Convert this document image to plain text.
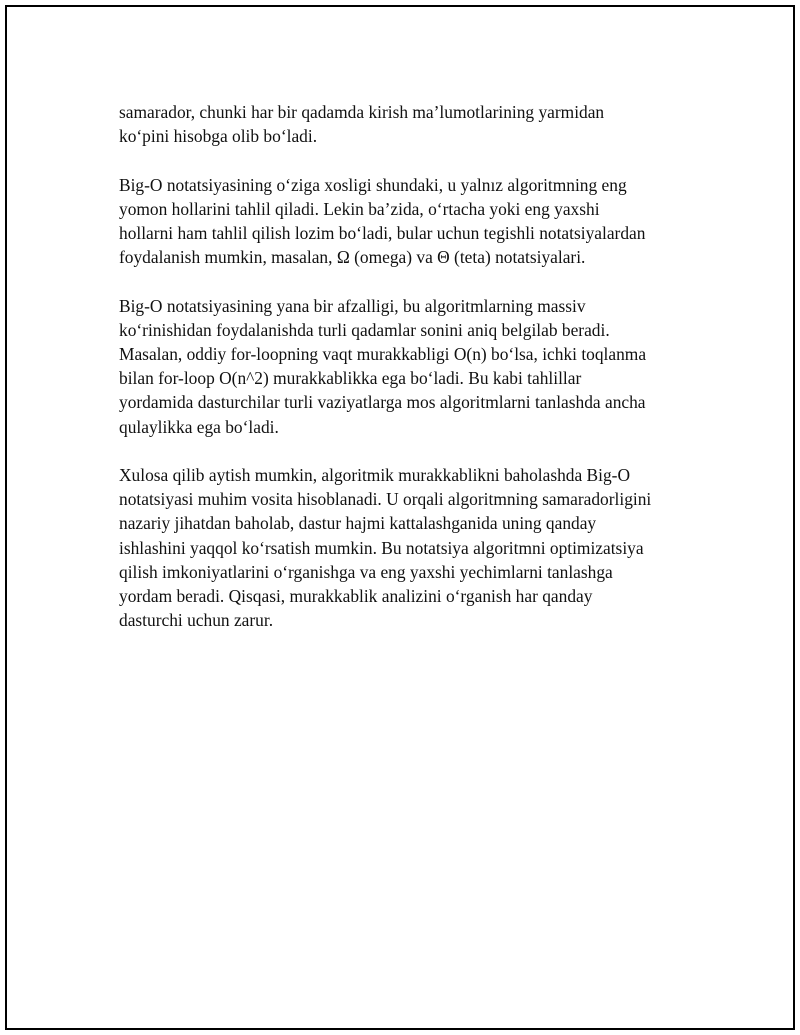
samarador, chunki har bir qadamda kirish ma’lumotlarining yarmidan
ko‘pini hisobga olib bo‘ladi.

Big-O notatsiyasining o‘ziga xosligi shundaki, u yalnız algoritmning eng
yomon hollarini tahlil qiladi. Lekin ba’zida, o‘rtacha yoki eng yaxshi
hollarni ham tahlil qilish lozim bo‘ladi, bular uchun tegishli notatsiyalardan
foydalanish mumkin, masalan, Ω (omega) va Θ (teta) notatsiyalari.

Big-O notatsiyasining yana bir afzalligi, bu algoritmlarning massiv
ko‘rinishidan foydalanishda turli qadamlar sonini aniq belgilab beradi.
Masalan, oddiy for-loopning vaqt murakkabligi O(n) bo‘lsa, ichki toqlanma
bilan for-loop O(n^2) murakkablikka ega bo‘ladi. Bu kabi tahlillar
yordamida dasturchilar turli vaziyatlarga mos algoritmlarni tanlashda ancha
qulaylikka ega bo‘ladi.

Xulosa qilib aytish mumkin, algoritmik murakkablikni baholashda Big-O
notatsiyasi muhim vosita hisoblanadi. U orqali algoritmning samaradorligini
nazariy jihatdan baholab, dastur hajmi kattalashganida uning qanday
ishlashini yaqqol ko‘rsatish mumkin. Bu notatsiya algoritmni optimizatsiya
qilish imkoniyatlarini o‘rganishga va eng yaxshi yechimlarni tanlashga
yordam beradi. Qisqasi, murakkablik analizini o‘rganish har qanday
dasturchi uchun zarur.
